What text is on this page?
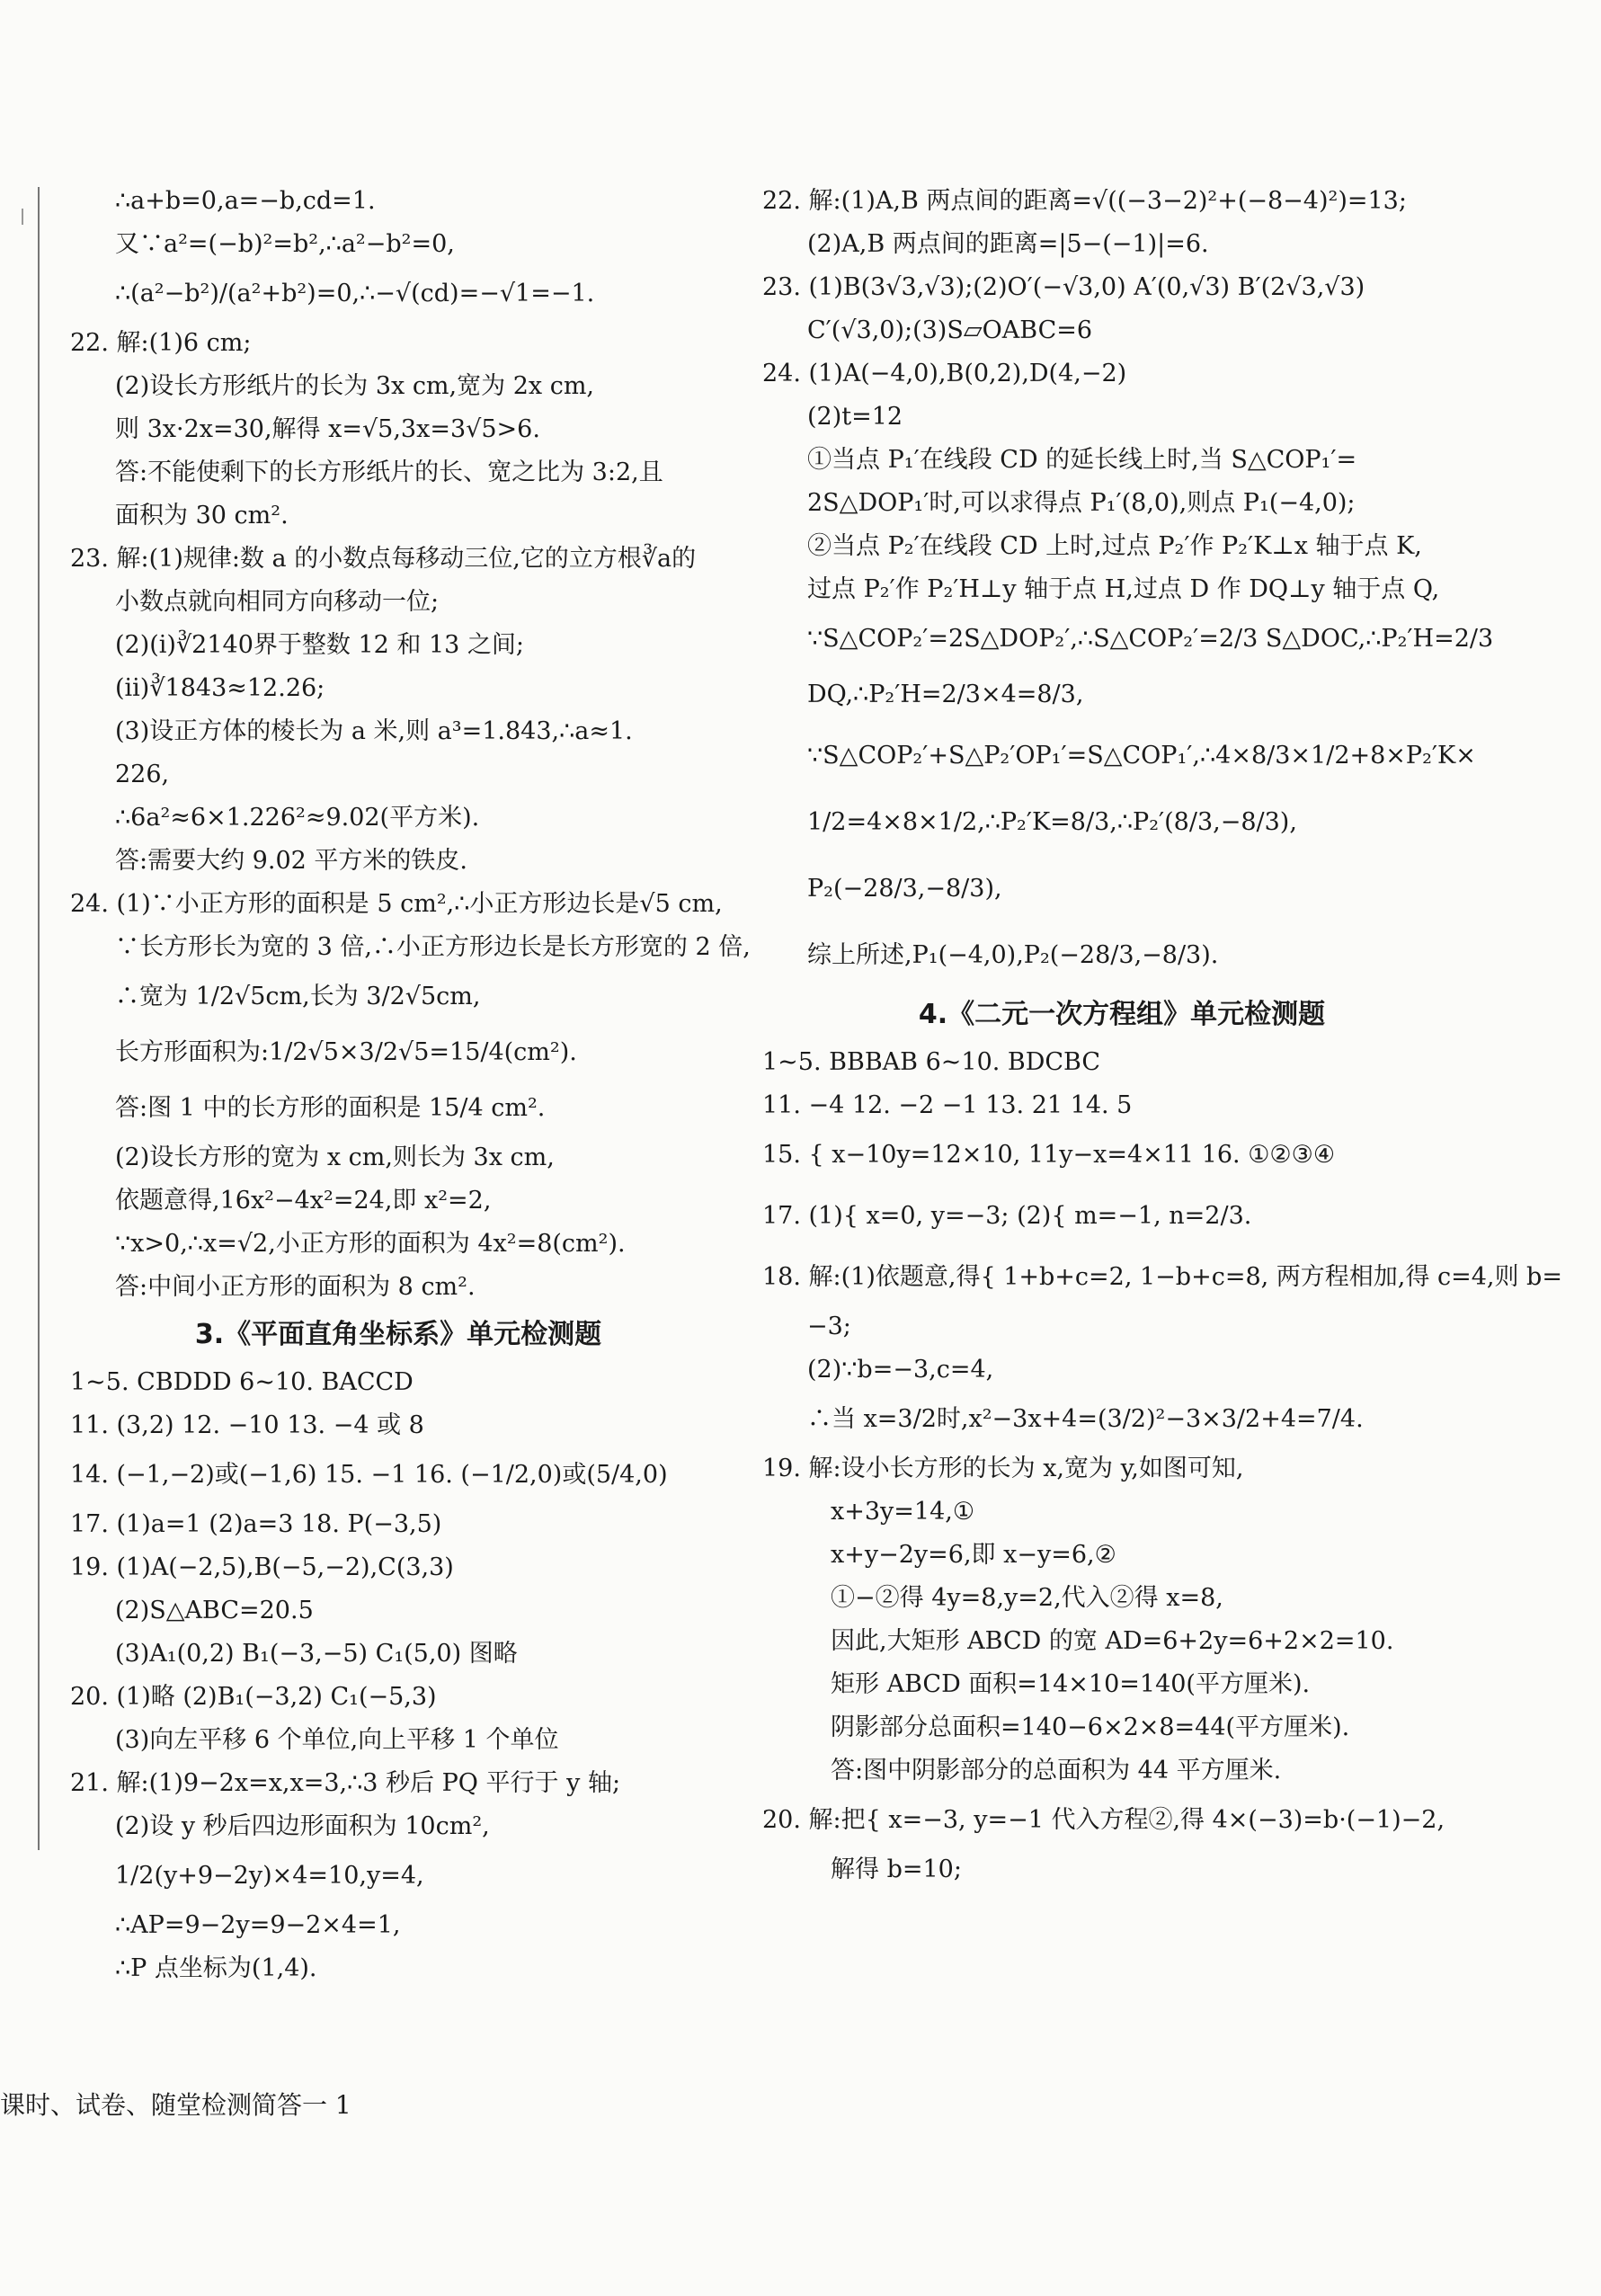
∴a+b=0,a=−b,cd=1.
又∵a²=(−b)²=b²,∴a²−b²=0,
∴(a²−b²)/(a²+b²)=0,∴−√(cd)=−√1=−1.
22. 解:(1)6 cm;
(2)设长方形纸片的长为 3x cm,宽为 2x cm,
则 3x·2x=30,解得 x=√5,3x=3√5>6.
答:不能使剩下的长方形纸片的长、宽之比为 3:2,且
面积为 30 cm².
23. 解:(1)规律:数 a 的小数点每移动三位,它的立方根∛a的
小数点就向相同方向移动一位;
(2)(ⅰ)∛2140界于整数 12 和 13 之间;
(ⅱ)∛1843≈12.26;
(3)设正方体的棱长为 a 米,则 a³=1.843,∴a≈1.
226,
∴6a²≈6×1.226²≈9.02(平方米).
答:需要大约 9.02 平方米的铁皮.
24. (1)∵小正方形的面积是 5 cm²,∴小正方形边长是√5 cm,
∵长方形长为宽的 3 倍,∴小正方形边长是长方形宽的 2 倍,
∴宽为 1/2√5cm,长为 3/2√5cm,
长方形面积为:1/2√5×3/2√5=15/4(cm²).
答:图 1 中的长方形的面积是 15/4 cm².
(2)设长方形的宽为 x cm,则长为 3x cm,
依题意得,16x²−4x²=24,即 x²=2,
∵x>0,∴x=√2,小正方形的面积为 4x²=8(cm²).
答:中间小正方形的面积为 8 cm².
3.《平面直角坐标系》单元检测题
1~5. CBDDD 6~10. BACCD
11. (3,2) 12. −10 13. −4 或 8
14. (−1,−2)或(−1,6) 15. −1 16. (−1/2,0)或(5/4,0)
17. (1)a=1 (2)a=3 18. P(−3,5)
19. (1)A(−2,5),B(−5,−2),C(3,3)
(2)S△ABC=20.5
(3)A₁(0,2) B₁(−3,−5) C₁(5,0) 图略
20. (1)略 (2)B₁(−3,2) C₁(−5,3)
(3)向左平移 6 个单位,向上平移 1 个单位
21. 解:(1)9−2x=x,x=3,∴3 秒后 PQ 平行于 y 轴;
(2)设 y 秒后四边形面积为 10cm²,
1/2(y+9−2y)×4=10,y=4,
∴AP=9−2y=9−2×4=1,
∴P 点坐标为(1,4).
22. 解:(1)A,B 两点间的距离=√((−3−2)²+(−8−4)²)=13;
(2)A,B 两点间的距离=|5−(−1)|=6.
23. (1)B(3√3,√3);(2)O′(−√3,0) A′(0,√3) B′(2√3,√3)
C′(√3,0);(3)S▱OABC=6
24. (1)A(−4,0),B(0,2),D(4,−2)
(2)t=12
①当点 P₁′在线段 CD 的延长线上时,当 S△COP₁′=
2S△DOP₁′时,可以求得点 P₁′(8,0),则点 P₁(−4,0);
②当点 P₂′在线段 CD 上时,过点 P₂′作 P₂′K⊥x 轴于点 K,
过点 P₂′作 P₂′H⊥y 轴于点 H,过点 D 作 DQ⊥y 轴于点 Q,
∵S△COP₂′=2S△DOP₂′,∴S△COP₂′=2/3 S△DOC,∴P₂′H=2/3
DQ,∴P₂′H=2/3×4=8/3,
∵S△COP₂′+S△P₂′OP₁′=S△COP₁′,∴4×8/3×1/2+8×P₂′K×
1/2=4×8×1/2,∴P₂′K=8/3,∴P₂′(8/3,−8/3),
P₂(−28/3,−8/3),
综上所述,P₁(−4,0),P₂(−28/3,−8/3).
4.《二元一次方程组》单元检测题
1~5. BBBAB 6~10. BDCBC
11. −4 12. −2 −1 13. 21 14. 5
15. { x−10y=12×10, 11y−x=4×11 16. ①②③④
17. (1){ x=0, y=−3; (2){ m=−1, n=2/3.
18. 解:(1)依题意,得{ 1+b+c=2, 1−b+c=8, 两方程相加,得 c=4,则 b=
−3;
(2)∵b=−3,c=4,
∴当 x=3/2时,x²−3x+4=(3/2)²−3×3/2+4=7/4.
19. 解:设小长方形的长为 x,宽为 y,如图可知,
x+3y=14,①
x+y−2y=6,即 x−y=6,②
①−②得 4y=8,y=2,代入②得 x=8,
因此,大矩形 ABCD 的宽 AD=6+2y=6+2×2=10.
矩形 ABCD 面积=14×10=140(平方厘米).
阴影部分总面积=140−6×2×8=44(平方厘米).
答:图中阴影部分的总面积为 44 平方厘米.
20. 解:把{ x=−3, y=−1 代入方程②,得 4×(−3)=b·(−1)−2,
解得 b=10;
课时、试卷、随堂检测简答一 1
